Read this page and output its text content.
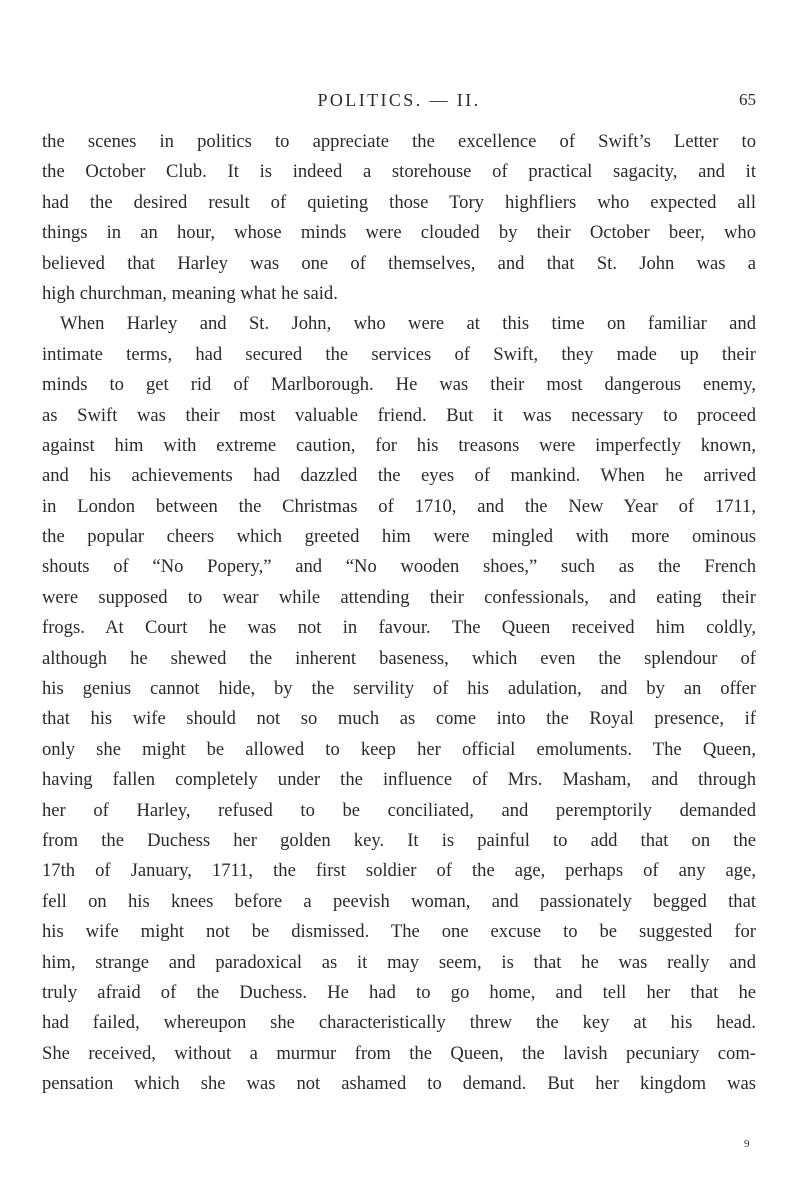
POLITICS. — II.	65
the scenes in politics to appreciate the excellence of Swift’s Letter to
the October Club. It is indeed a storehouse of practical sagacity, and it
had the desired result of quieting those Tory highfliers who expected all
things in an hour, whose minds were clouded by their October beer, who
believed that Harley was one of themselves, and that St. John was a
high churchman, meaning what he said.
When Harley and St. John, who were at this time on familiar and
intimate terms, had secured the services of Swift, they made up their
minds to get rid of Marlborough. He was their most dangerous enemy,
as Swift was their most valuable friend. But it was necessary to proceed
against him with extreme caution, for his treasons were imperfectly known,
and his achievements had dazzled the eyes of mankind. When he arrived
in London between the Christmas of 1710, and the New Year of 1711,
the popular cheers which greeted him were mingled with more ominous
shouts of “No Popery,” and “No wooden shoes,” such as the French
were supposed to wear while attending their confessionals, and eating their
frogs. At Court he was not in favour. The Queen received him coldly,
although he shewed the inherent baseness, which even the splendour of
his genius cannot hide, by the servility of his adulation, and by an offer
that his wife should not so much as come into the Royal presence, if
only she might be allowed to keep her official emoluments. The Queen,
having fallen completely under the influence of Mrs. Masham, and through
her of Harley, refused to be conciliated, and peremptorily demanded
from the Duchess her golden key. It is painful to add that on the
17th of January, 1711, the first soldier of the age, perhaps of any age,
fell on his knees before a peevish woman, and passionately begged that
his wife might not be dismissed. The one excuse to be suggested for
him, strange and paradoxical as it may seem, is that he was really and
truly afraid of the Duchess. He had to go home, and tell her that he
had failed, whereupon she characteristically threw the key at his head.
She received, without a murmur from the Queen, the lavish pecuniary com-
pensation which she was not ashamed to demand. But her kingdom was
9
